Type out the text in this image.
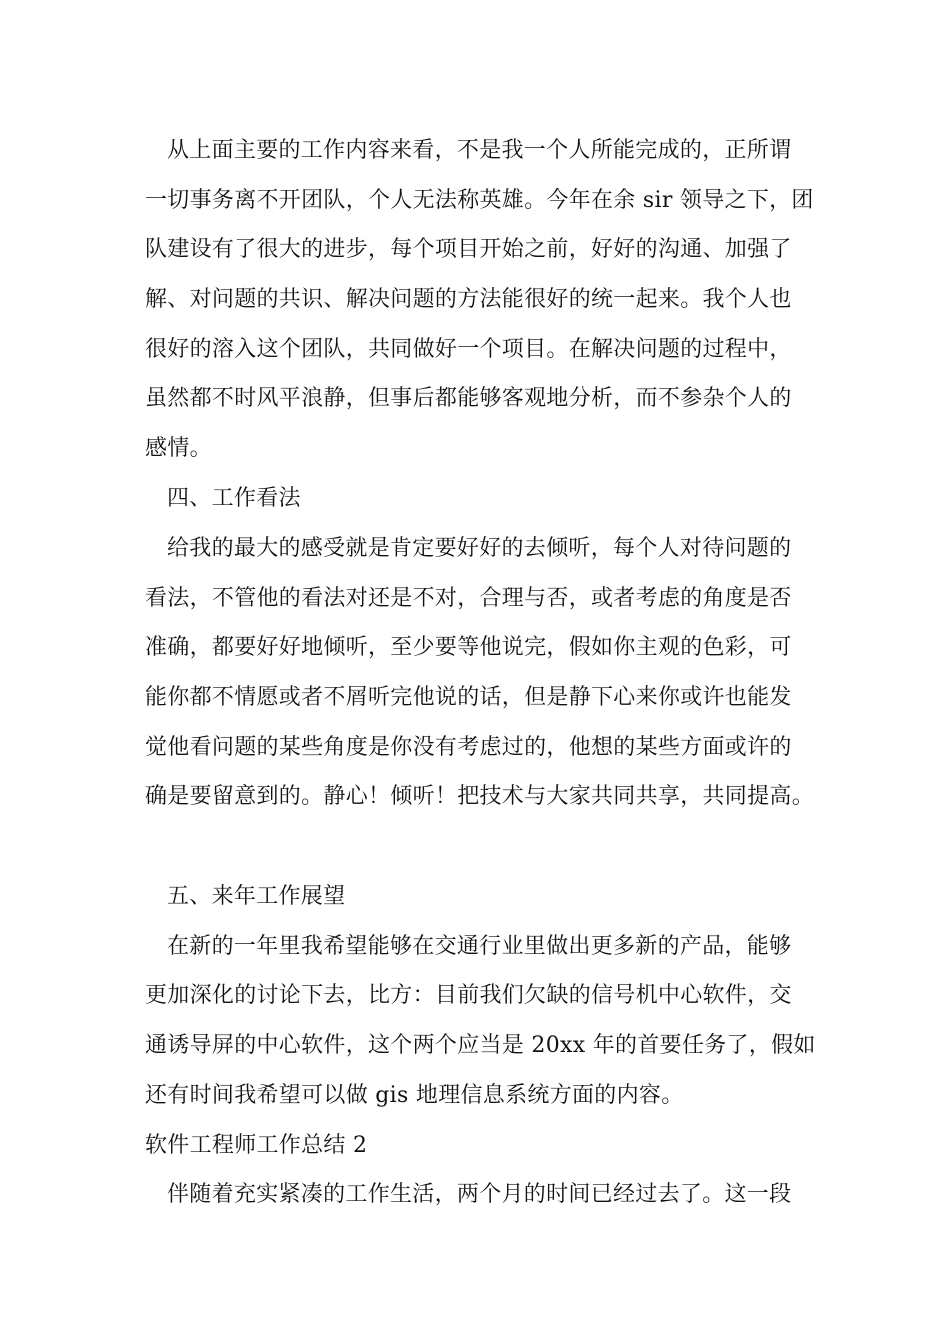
从上面主要的工作内容来看，不是我一个人所能完成的，正所谓
一切事务离不开团队，个人无法称英雄。今年在余 sir 领导之下，团
队建设有了很大的进步，每个项目开始之前，好好的沟通、加强了
解、对问题的共识、解决问题的方法能很好的统一起来。我个人也
很好的溶入这个团队，共同做好一个项目。在解决问题的过程中，
虽然都不时风平浪静，但事后都能够客观地分析，而不参杂个人的
感情。
四、工作看法
给我的最大的感受就是肯定要好好的去倾听，每个人对待问题的
看法，不管他的看法对还是不对，合理与否，或者考虑的角度是否
准确，都要好好地倾听，至少要等他说完，假如你主观的色彩，可
能你都不情愿或者不屑听完他说的话，但是静下心来你或许也能发
觉他看问题的某些角度是你没有考虑过的，他想的某些方面或许的
确是要留意到的。静心！倾听！把技术与大家共同共享，共同提高。
五、来年工作展望
在新的一年里我希望能够在交通行业里做出更多新的产品，能够
更加深化的讨论下去，比方：目前我们欠缺的信号机中心软件，交
通诱导屏的中心软件，这个两个应当是 20xx 年的首要任务了，假如
还有时间我希望可以做 gis 地理信息系统方面的内容。
软件工程师工作总结 2
伴随着充实紧凑的工作生活，两个月的时间已经过去了。这一段
